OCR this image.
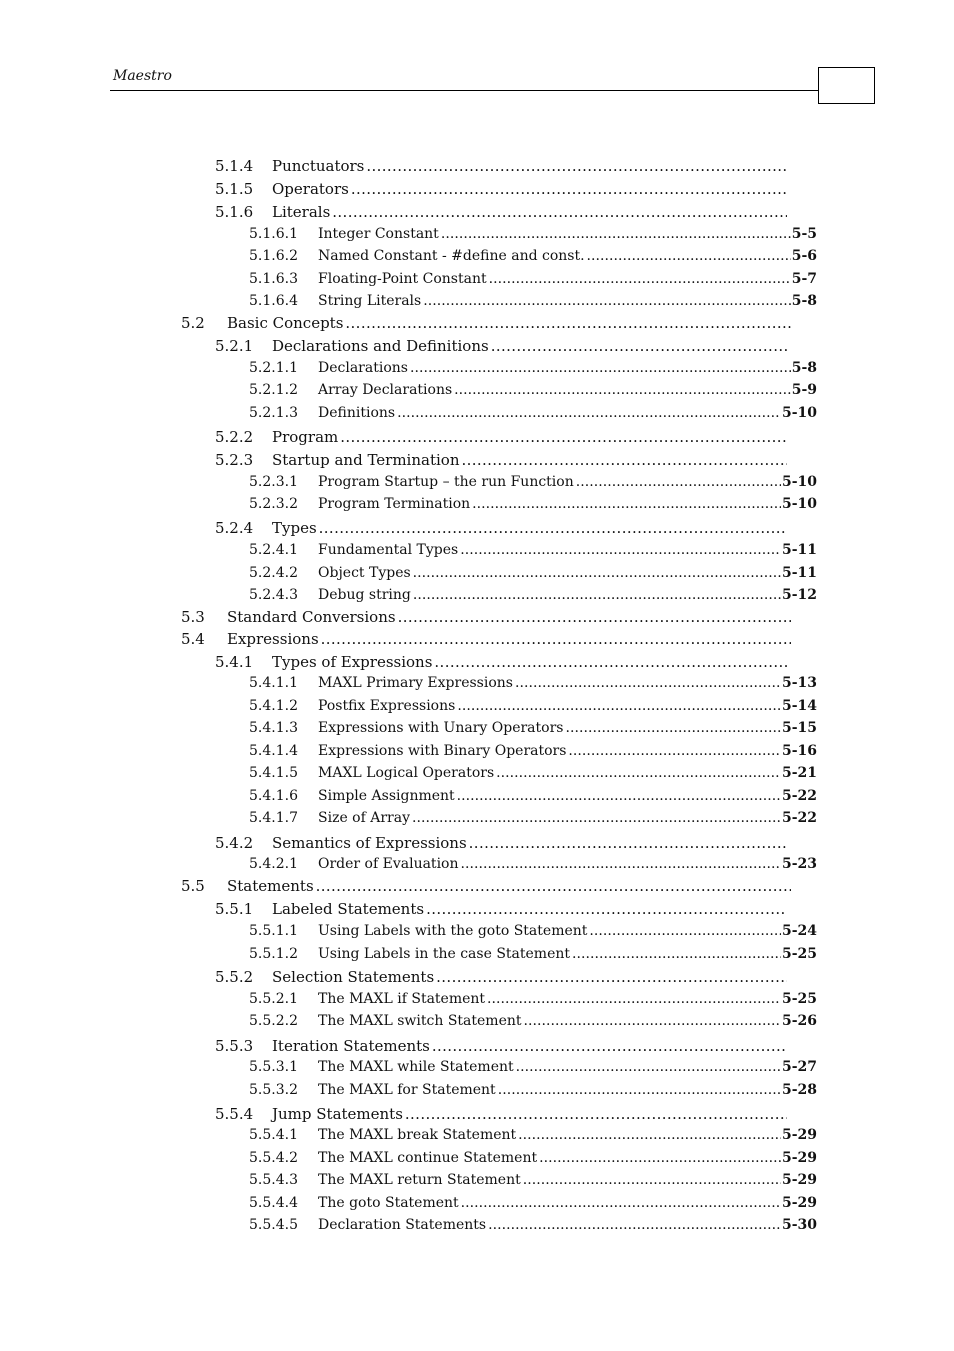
Maestro
5.1.4	Punctuators
. . .
5.1.5	Operators
. . .
5.1.6	Literals
. . .
5.1.6.1	Integer Constant . . .	5-5
5.1.6.2	Named Constant - #define and const. . . .	5-6
5.1.6.3	Floating-Point Constant . . .	5-7
5.1.6.4	String Literals . . .	5-8
5.2	Basic Concepts
. . .
5.2.1	Declarations and Definitions
. . .
5.2.1.1	Declarations . . .	5-8
5.2.1.2	Array Declarations . . .	5-9
5.2.1.3	Definitions . . .	5-10
5.2.2	Program
. . .
5.2.3	Startup and Termination
. . .
5.2.3.1	Program Startup – the run Function . . .	5-10
5.2.3.2	Program Termination . . .	5-10
5.2.4	Types
. . .
5.2.4.1	Fundamental Types . . .	5-11
5.2.4.2	Object Types . . .	5-11
5.2.4.3	Debug string . . .	5-12
5.3	Standard Conversions
. . .
5.4	Expressions
. . .
5.4.1	Types of Expressions
. . .
5.4.1.1	MAXL Primary Expressions . . .	5-13
5.4.1.2	Postfix Expressions . . .	5-14
5.4.1.3	Expressions with Unary Operators . . .	5-15
5.4.1.4	Expressions with Binary Operators . . .	5-16
5.4.1.5	MAXL Logical Operators . . .	5-21
5.4.1.6	Simple Assignment . . .	5-22
5.4.1.7	Size of Array . . .	5-22
5.4.2	Semantics of Expressions
. . .
5.4.2.1	Order of Evaluation . . .	5-23
5.5	Statements
. . .
5.5.1	Labeled Statements
. . .
5.5.1.1	Using Labels with the goto Statement . . .	5-24
5.5.1.2	Using Labels in the case Statement . . .	5-25
5.5.2	Selection Statements
. . .
5.5.2.1	The MAXL if Statement . . .	5-25
5.5.2.2	The MAXL switch Statement . . .	5-26
5.5.3	Iteration Statements
. . .
5.5.3.1	The MAXL while Statement . . .	5-27
5.5.3.2	The MAXL for Statement . . .	5-28
5.5.4	Jump Statements
. . .
5.5.4.1	The MAXL break Statement . . .	5-29
5.5.4.2	The MAXL continue Statement . . .	5-29
5.5.4.3	The MAXL return Statement . . .	5-29
5.5.4.4	The goto Statement . . .	5-29
5.5.4.5	Declaration Statements . . .	5-30
